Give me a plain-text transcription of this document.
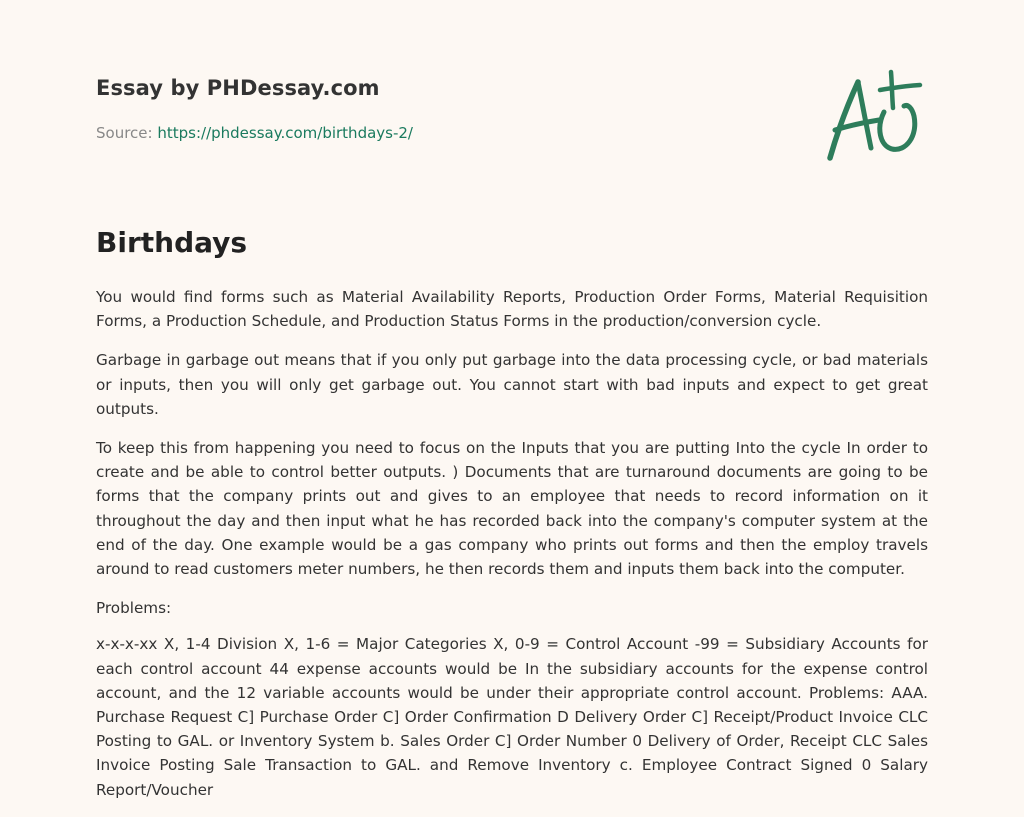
Essay by PHDessay.com
Source: https://phdessay.com/birthdays-2/
Birthdays

You would find forms such as Material Availability Reports, Production Order Forms, Material Requisition Forms, a Production Schedule, and Production Status Forms in the production/conversion cycle.

Garbage in garbage out means that if you only put garbage into the data processing cycle, or bad materials or inputs, then you will only get garbage out. You cannot start with bad inputs and expect to get great outputs.

To keep this from happening you need to focus on the Inputs that you are putting Into the cycle In order to create and be able to control better outputs. ) Documents that are turnaround documents are going to be forms that the company prints out and gives to an employee that needs to record information on it throughout the day and then input what he has recorded back into the company's computer system at the end of the day. One example would be a gas company who prints out forms and then the employ travels around to read customers meter numbers, he then records them and inputs them back into the computer.

Problems:

x-x-x-xx X, 1-4 Division X, 1-6 = Major Categories X, 0-9 = Control Account -99 = Subsidiary Accounts for each control account 44 expense accounts would be In the subsidiary accounts for the expense control account, and the 12 variable accounts would be under their appropriate control account. Problems: AAA. Purchase Request C] Purchase Order C] Order Confirmation D Delivery Order C] Receipt/Product Invoice CLC Posting to GAL. or Inventory System b. Sales Order C] Order Number 0 Delivery of Order, Receipt CLC Sales Invoice Posting Sale Transaction to GAL. and Remove Inventory c. Employee Contract Signed 0 Salary Report/Voucher
